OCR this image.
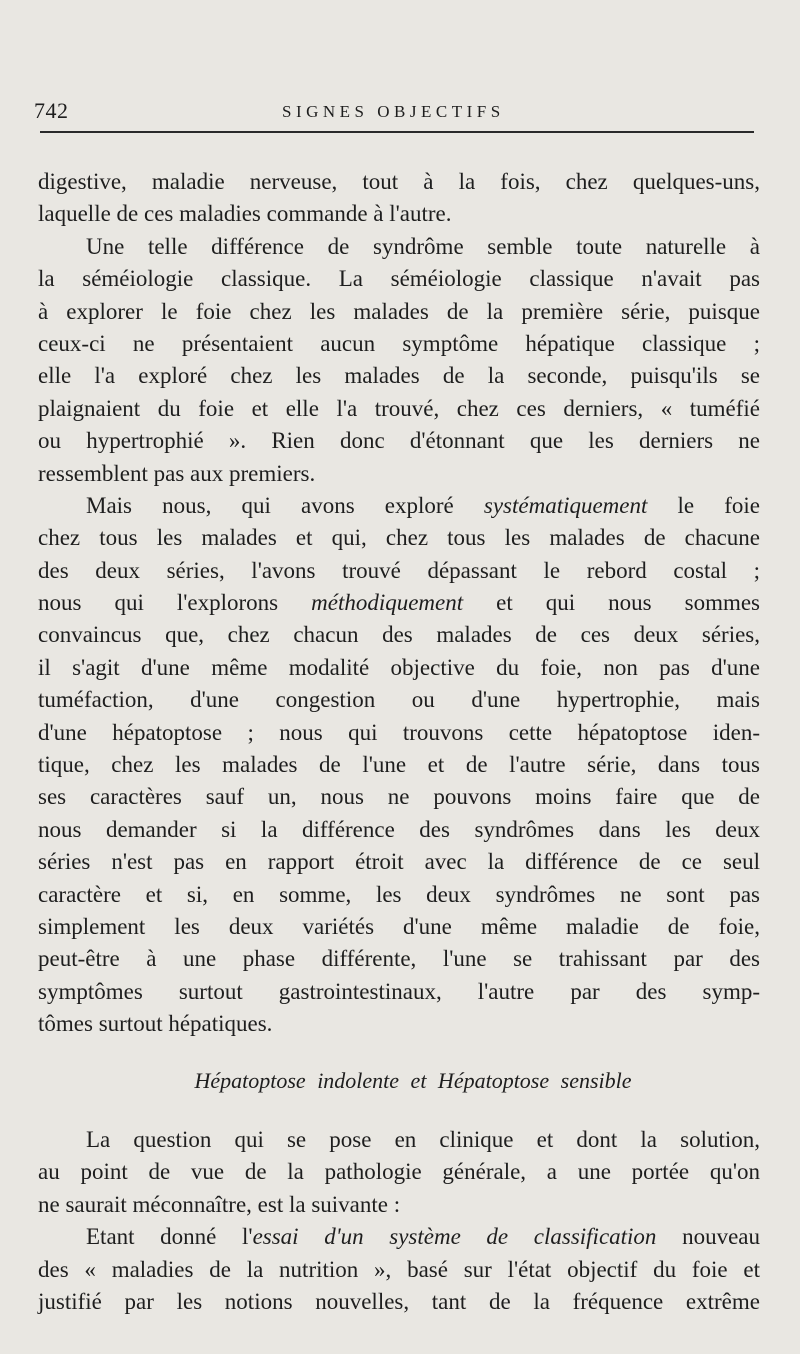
742	SIGNES OBJECTIFS
digestive, maladie nerveuse, tout à la fois, chez quelques-uns,
laquelle de ces maladies commande à l'autre.
Une telle différence de syndrôme semble toute naturelle à
la séméiologie classique. La séméiologie classique n'avait pas
à explorer le foie chez les malades de la première série, puisque
ceux-ci ne présentaient aucun symptôme hépatique classique ;
elle l'a exploré chez les malades de la seconde, puisqu'ils se
plaignaient du foie et elle l'a trouvé, chez ces derniers, « tuméfié
ou hypertrophié ». Rien donc d'étonnant que les derniers ne
ressemblent pas aux premiers.
Mais nous, qui avons exploré systématiquement le foie
chez tous les malades et qui, chez tous les malades de chacune
des deux séries, l'avons trouvé dépassant le rebord costal ;
nous qui l'explorons méthodiquement et qui nous sommes
convaincus que, chez chacun des malades de ces deux séries,
il s'agit d'une même modalité objective du foie, non pas d'une
tuméfaction, d'une congestion ou d'une hypertrophie, mais
d'une hépatoptose ; nous qui trouvons cette hépatoptose iden-
tique, chez les malades de l'une et de l'autre série, dans tous
ses caractères sauf un, nous ne pouvons moins faire que de
nous demander si la différence des syndrômes dans les deux
séries n'est pas en rapport étroit avec la différence de ce seul
caractère et si, en somme, les deux syndrômes ne sont pas
simplement les deux variétés d'une même maladie de foie,
peut-être à une phase différente, l'une se trahissant par des
symptômes surtout gastrointestinaux, l'autre par des symp-
tômes surtout hépatiques.
Hépatoptose indolente et Hépatoptose sensible
La question qui se pose en clinique et dont la solution,
au point de vue de la pathologie générale, a une portée qu'on
ne saurait méconnaître, est la suivante :
Etant donné l'essai d'un système de classification nouveau
des « maladies de la nutrition », basé sur l'état objectif du foie et
justifié par les notions nouvelles, tant de la fréquence extrême
